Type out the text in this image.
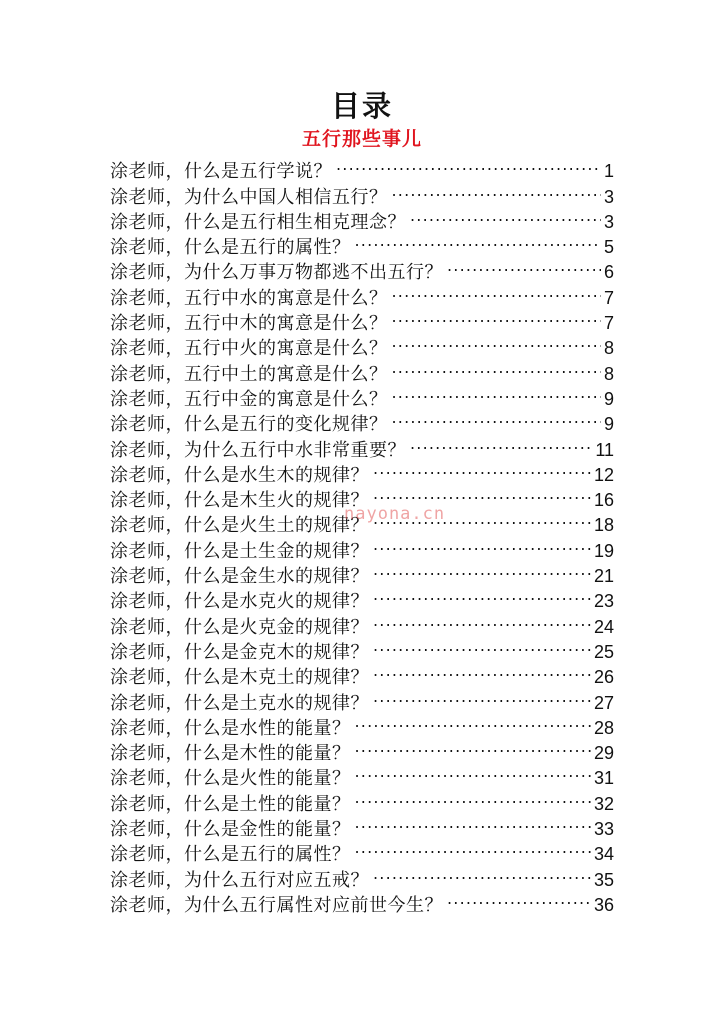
目录
五行那些事儿
涂老师，什么是五行学说？ .....	1
涂老师，为什么中国人相信五行？ .....	3
涂老师，什么是五行相生相克理念？ .....	3
涂老师，什么是五行的属性？ .....	5
涂老师，为什么万事万物都逃不出五行？ .....	6
涂老师，五行中水的寓意是什么？ .....	7
涂老师，五行中木的寓意是什么？ .....	7
涂老师，五行中火的寓意是什么？ .....	8
涂老师，五行中土的寓意是什么？ .....	8
涂老师，五行中金的寓意是什么？ .....	9
涂老师，什么是五行的变化规律？ .....	9
涂老师，为什么五行中水非常重要？ .....	11
涂老师，什么是水生木的规律？ .....	12
涂老师，什么是木生火的规律？ .....	16
涂老师，什么是火生土的规律？ .....	18
涂老师，什么是土生金的规律？ .....	19
涂老师，什么是金生水的规律？ .....	21
涂老师，什么是水克火的规律？ .....	23
涂老师，什么是火克金的规律？ .....	24
涂老师，什么是金克木的规律？ .....	25
涂老师，什么是木克土的规律？ .....	26
涂老师，什么是土克水的规律？ .....	27
涂老师，什么是水性的能量？ .....	28
涂老师，什么是木性的能量？ .....	29
涂老师，什么是火性的能量？ .....	31
涂老师，什么是土性的能量？ .....	32
涂老师，什么是金性的能量？ .....	33
涂老师，什么是五行的属性？ .....	34
涂老师，为什么五行对应五戒？ .....	35
涂老师，为什么五行属性对应前世今生？ .....	36
nayona.cn
